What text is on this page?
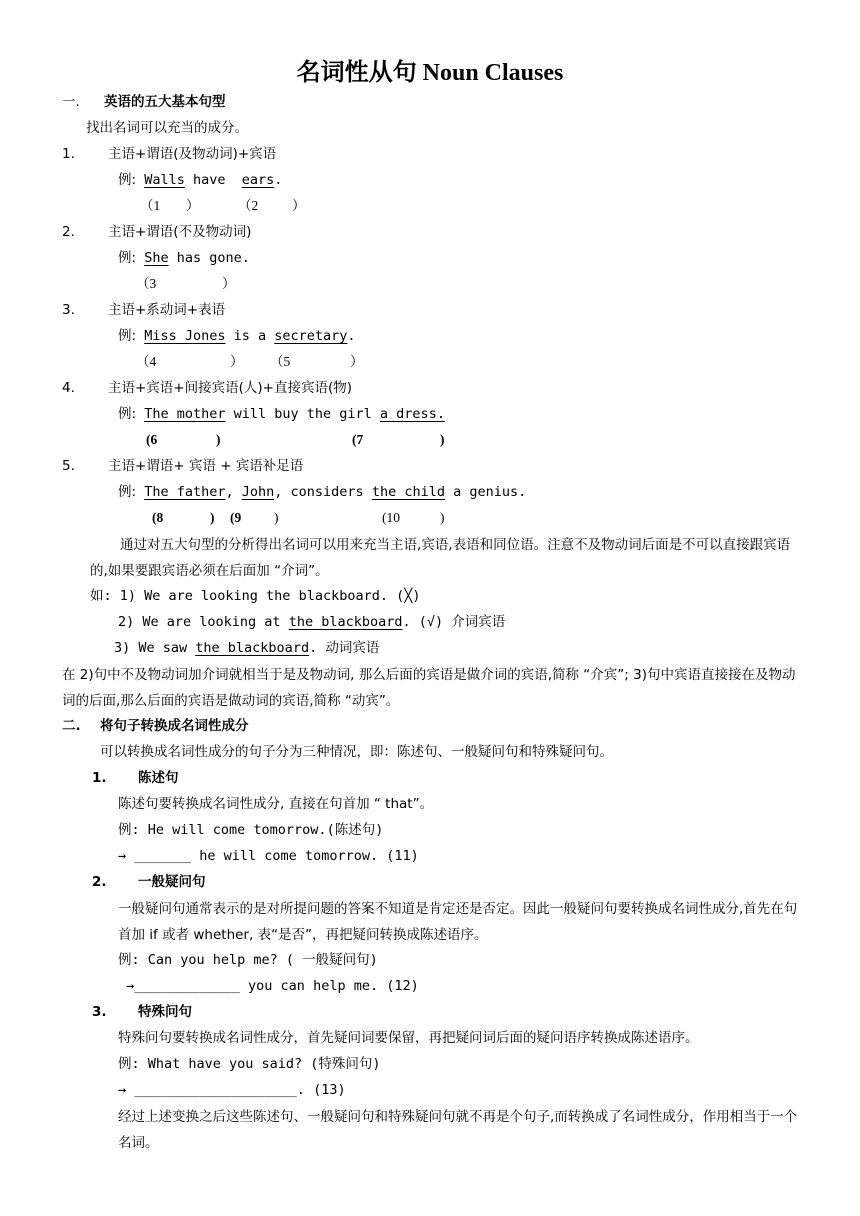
名词性从句 Noun Clauses
一. 英语的五大基本句型
找出名词可以充当的成分。
1. 主语+谓语(及物动词)+宾语
例: Walls have  ears.
（1 ）	（2	）
2. 主语+谓语(不及物动词)
例: She has gone.
（3	）
3. 主语+系动词+表语
例: Miss Jones is a secretary.
（4	） （5	）
4. 主语+宾语+间接宾语(人)+直接宾语(物)
例: The mother will buy the girl a dress.
(6	)	(7	)
5. 主语+谓语+ 宾语 + 宾语补足语
例: The father, John, considers the child a genius.
(8	) (9 )	(10	)
通过对五大句型的分析得出名词可以用来充当主语,宾语,表语和同位语。注意不及物动词后面是不可以直接跟宾语的,如果要跟宾语必须在后面加 “介词”。
如: 1) We are looking the blackboard. (╳)
2) We are looking at the blackboard. (√) 介词宾语
3) We saw the blackboard. 动词宾语
在 2)句中不及物动词加介词就相当于是及物动词, 那么后面的宾语是做介词的宾语,简称 “介宾”; 3)句中宾语直接接在及物动词的后面,那么后面的宾语是做动词的宾语,简称 “动宾”。
二. 将句子转换成名词性成分
可以转换成名词性成分的句子分为三种情况，即：陈述句、一般疑问句和特殊疑问句。
1. 陈述句
陈述句要转换成名词性成分, 直接在句首加 “ that”。
例: He will come tomorrow.(陈述句)
→ _______ he will come tomorrow. (11)
2. 一般疑问句
一般疑问句通常表示的是对所提问题的答案不知道是肯定还是否定。因此一般疑问句要转换成名词性成分,首先在句首加 if 或者 whether, 表“是否”，再把疑问转换成陈述语序。
例: Can you help me? ( 一般疑问句)
→_____________ you can help me. (12)
3. 特殊问句
特殊问句要转换成名词性成分，首先疑问词要保留，再把疑问词后面的疑问语序转换成陈述语序。
例: What have you said? (特殊问句)
→ ____________________. (13)
经过上述变换之后这些陈述句、一般疑问句和特殊疑问句就不再是个句子,而转换成了名词性成分，作用相当于一个名词。
